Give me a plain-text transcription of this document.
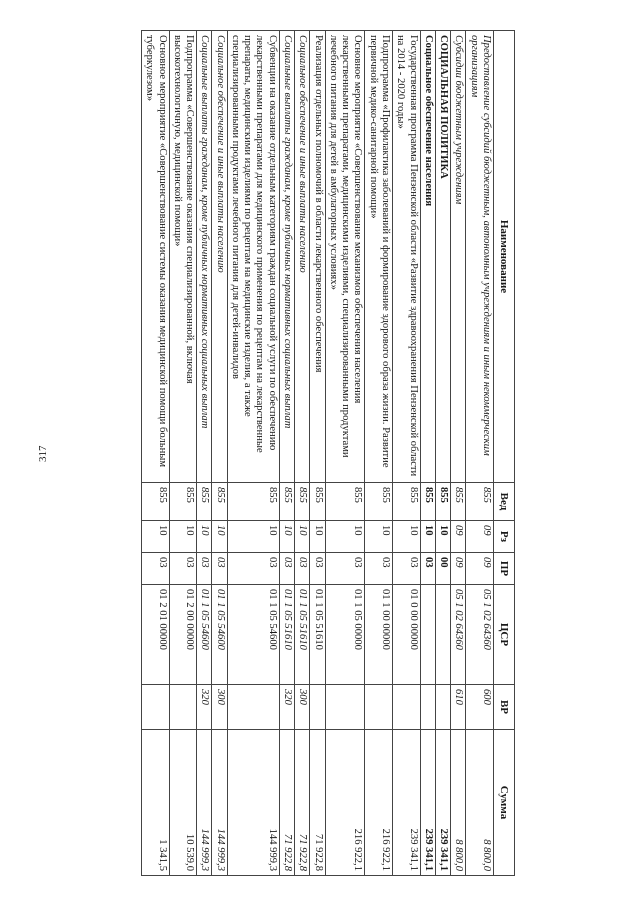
317
Наименование	Вед	Рз	ПР	ЦСР	ВР	Сумма
Предоставление субсидий бюджетным, автономным учреждениям и иным некоммерческим организациям	855	09	09	05 1 02 64360	600	8 800,0
Субсидии бюджетным учреждениям	855	09	09	05 1 02 64360	610	8 800,0
СОЦИАЛЬНАЯ ПОЛИТИКА	855	10	00			239 341,1
Социальное обеспечение населения	855	10	03			239 341,1
Государственная программа Пензенской области «Развитие здравоохранения Пензенской области на 2014 - 2020 годы»	855	10	03	01 0 00 00000		239 341,1
Подпрограмма «Профилактика заболеваний и формирование здорового образа жизни. Развитие первичной медико-санитарной помощи»	855	10	03	01 1 00 00000		216 922,1
Основное мероприятие «Совершенствование механизмов обеспечения населения лекарственными препаратами, медицинскими изделиями, специализированными продуктами лечебного питания для детей в амбулаторных условиях»	855	10	03	01 1 05 00000		216 922,1
Реализация отдельных полномочий в области лекарственного обеспечения	855	10	03	01 1 05 51610		71 922,8
Социальное обеспечение и иные выплаты населению	855	10	03	01 1 05 51610	300	71 922,8
Социальные выплаты гражданам, кроме публичных нормативных социальных выплат	855	10	03	01 1 05 51610	320	71 922,8
Субвенции на оказание отдельным категориям граждан социальной услуги по обеспечению лекарственными препаратами для медицинского применения по рецептам на лекарственные препараты, медицинскими изделиями по рецептам на медицинские изделия, а также специализированными продуктами лечебного питания для детей-инвалидов	855	10	03	01 1 05 54600		144 999,3
Социальное обеспечение и иные выплаты населению	855	10	03	01 1 05 54600	300	144 999,3
Социальные выплаты гражданам, кроме публичных нормативных социальных выплат	855	10	03	01 1 05 54600	320	144 999,3
Подпрограмма «Совершенствование оказания специализированной, включая высокотехнологичную, медицинской помощи»	855	10	03	01 2 00 00000		10 539,0
Основное мероприятие «Совершенствование системы оказания медицинской помощи больным туберкулезом»	855	10	03	01 2 01 00000		1 341,5
